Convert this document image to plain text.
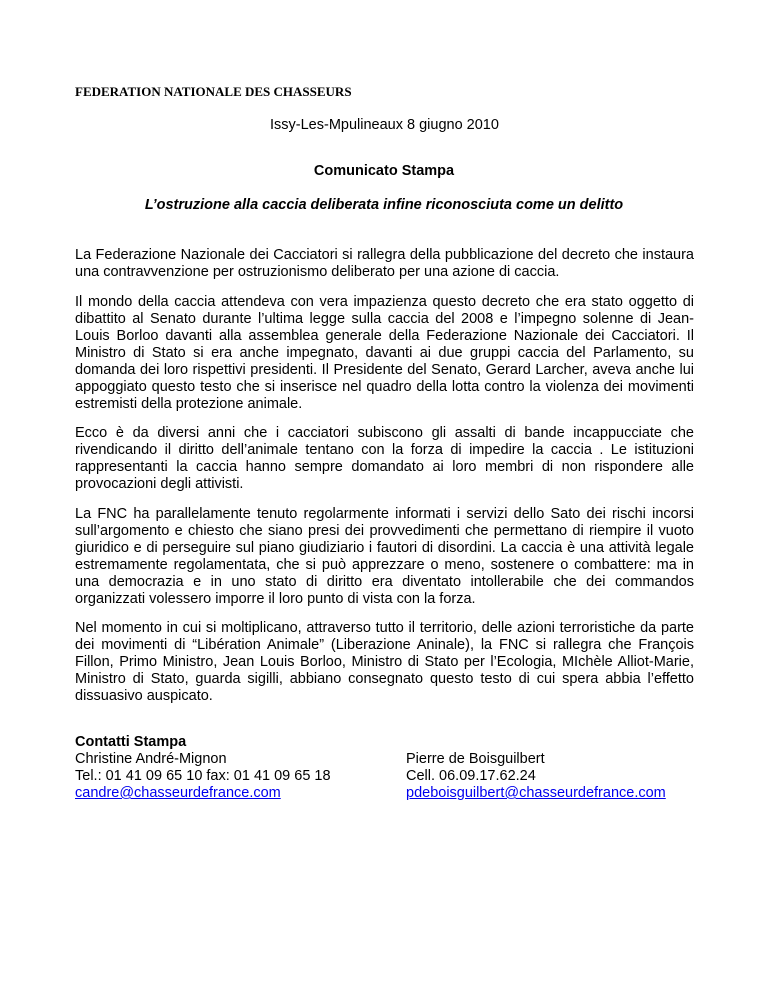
FEDERATION NATIONALE DES CHASSEURS
Issy-Les-Mpulineaux 8 giugno 2010
Comunicato Stampa
L’ostruzione alla caccia deliberata infine riconosciuta come un delitto

La Federazione Nazionale dei Cacciatori si rallegra della pubblicazione del decreto che instaura una contravvenzione per ostruzionismo deliberato per una azione di caccia.

Il mondo della caccia attendeva con vera impazienza questo decreto che era stato oggetto di dibattito al Senato durante l’ultima legge sulla caccia del 2008 e l’impegno solenne di Jean-Louis Borloo davanti alla assemblea generale della Federazione Nazionale dei Cacciatori. Il Ministro di Stato si era anche impegnato, davanti ai due gruppi caccia del Parlamento, su domanda dei loro rispettivi presidenti. Il Presidente del Senato, Gerard Larcher, aveva anche lui appoggiato questo testo che si inserisce nel quadro della lotta contro la violenza dei movimenti estremisti della protezione animale.

Ecco è da diversi anni che i cacciatori subiscono gli assalti di bande incappucciate che rivendicando il diritto dell’animale tentano con la forza di impedire la caccia . Le istituzioni rappresentanti la caccia hanno sempre domandato ai loro membri di non rispondere alle provocazioni degli attivisti.

La FNC ha parallelamente tenuto regolarmente informati i servizi dello Sato dei rischi incorsi sull’argomento e chiesto che siano presi dei provvedimenti che permettano di riempire il vuoto giuridico e di perseguire sul piano giudiziario i fautori di disordini. La caccia è una attività legale estremamente regolamentata, che si può apprezzare o meno, sostenere o combattere: ma in una democrazia e in uno stato di diritto era diventato intollerabile che dei commandos organizzati volessero imporre il loro punto di vista con la forza.

Nel momento in cui si moltiplicano, attraverso tutto il territorio, delle azioni terroristiche da parte dei movimenti di “Libération Animale” (Liberazione Aninale), la FNC si rallegra che François Fillon, Primo Ministro, Jean Louis Borloo, Ministro di Stato per l’Ecologia, MIchèle Alliot-Marie, Ministro di Stato, guarda sigilli, abbiano consegnato questo testo di cui spera abbia l’effetto dissuasivo auspicato.

Contatti Stampa
Christine André-Mignon
Tel.: 01 41 09 65 10 fax: 01 41 09 65 18
candre@chasseurdefrance.com
Pierre de Boisguilbert
Cell. 06.09.17.62.24
pdeboisguilbert@chasseurdefrance.com
